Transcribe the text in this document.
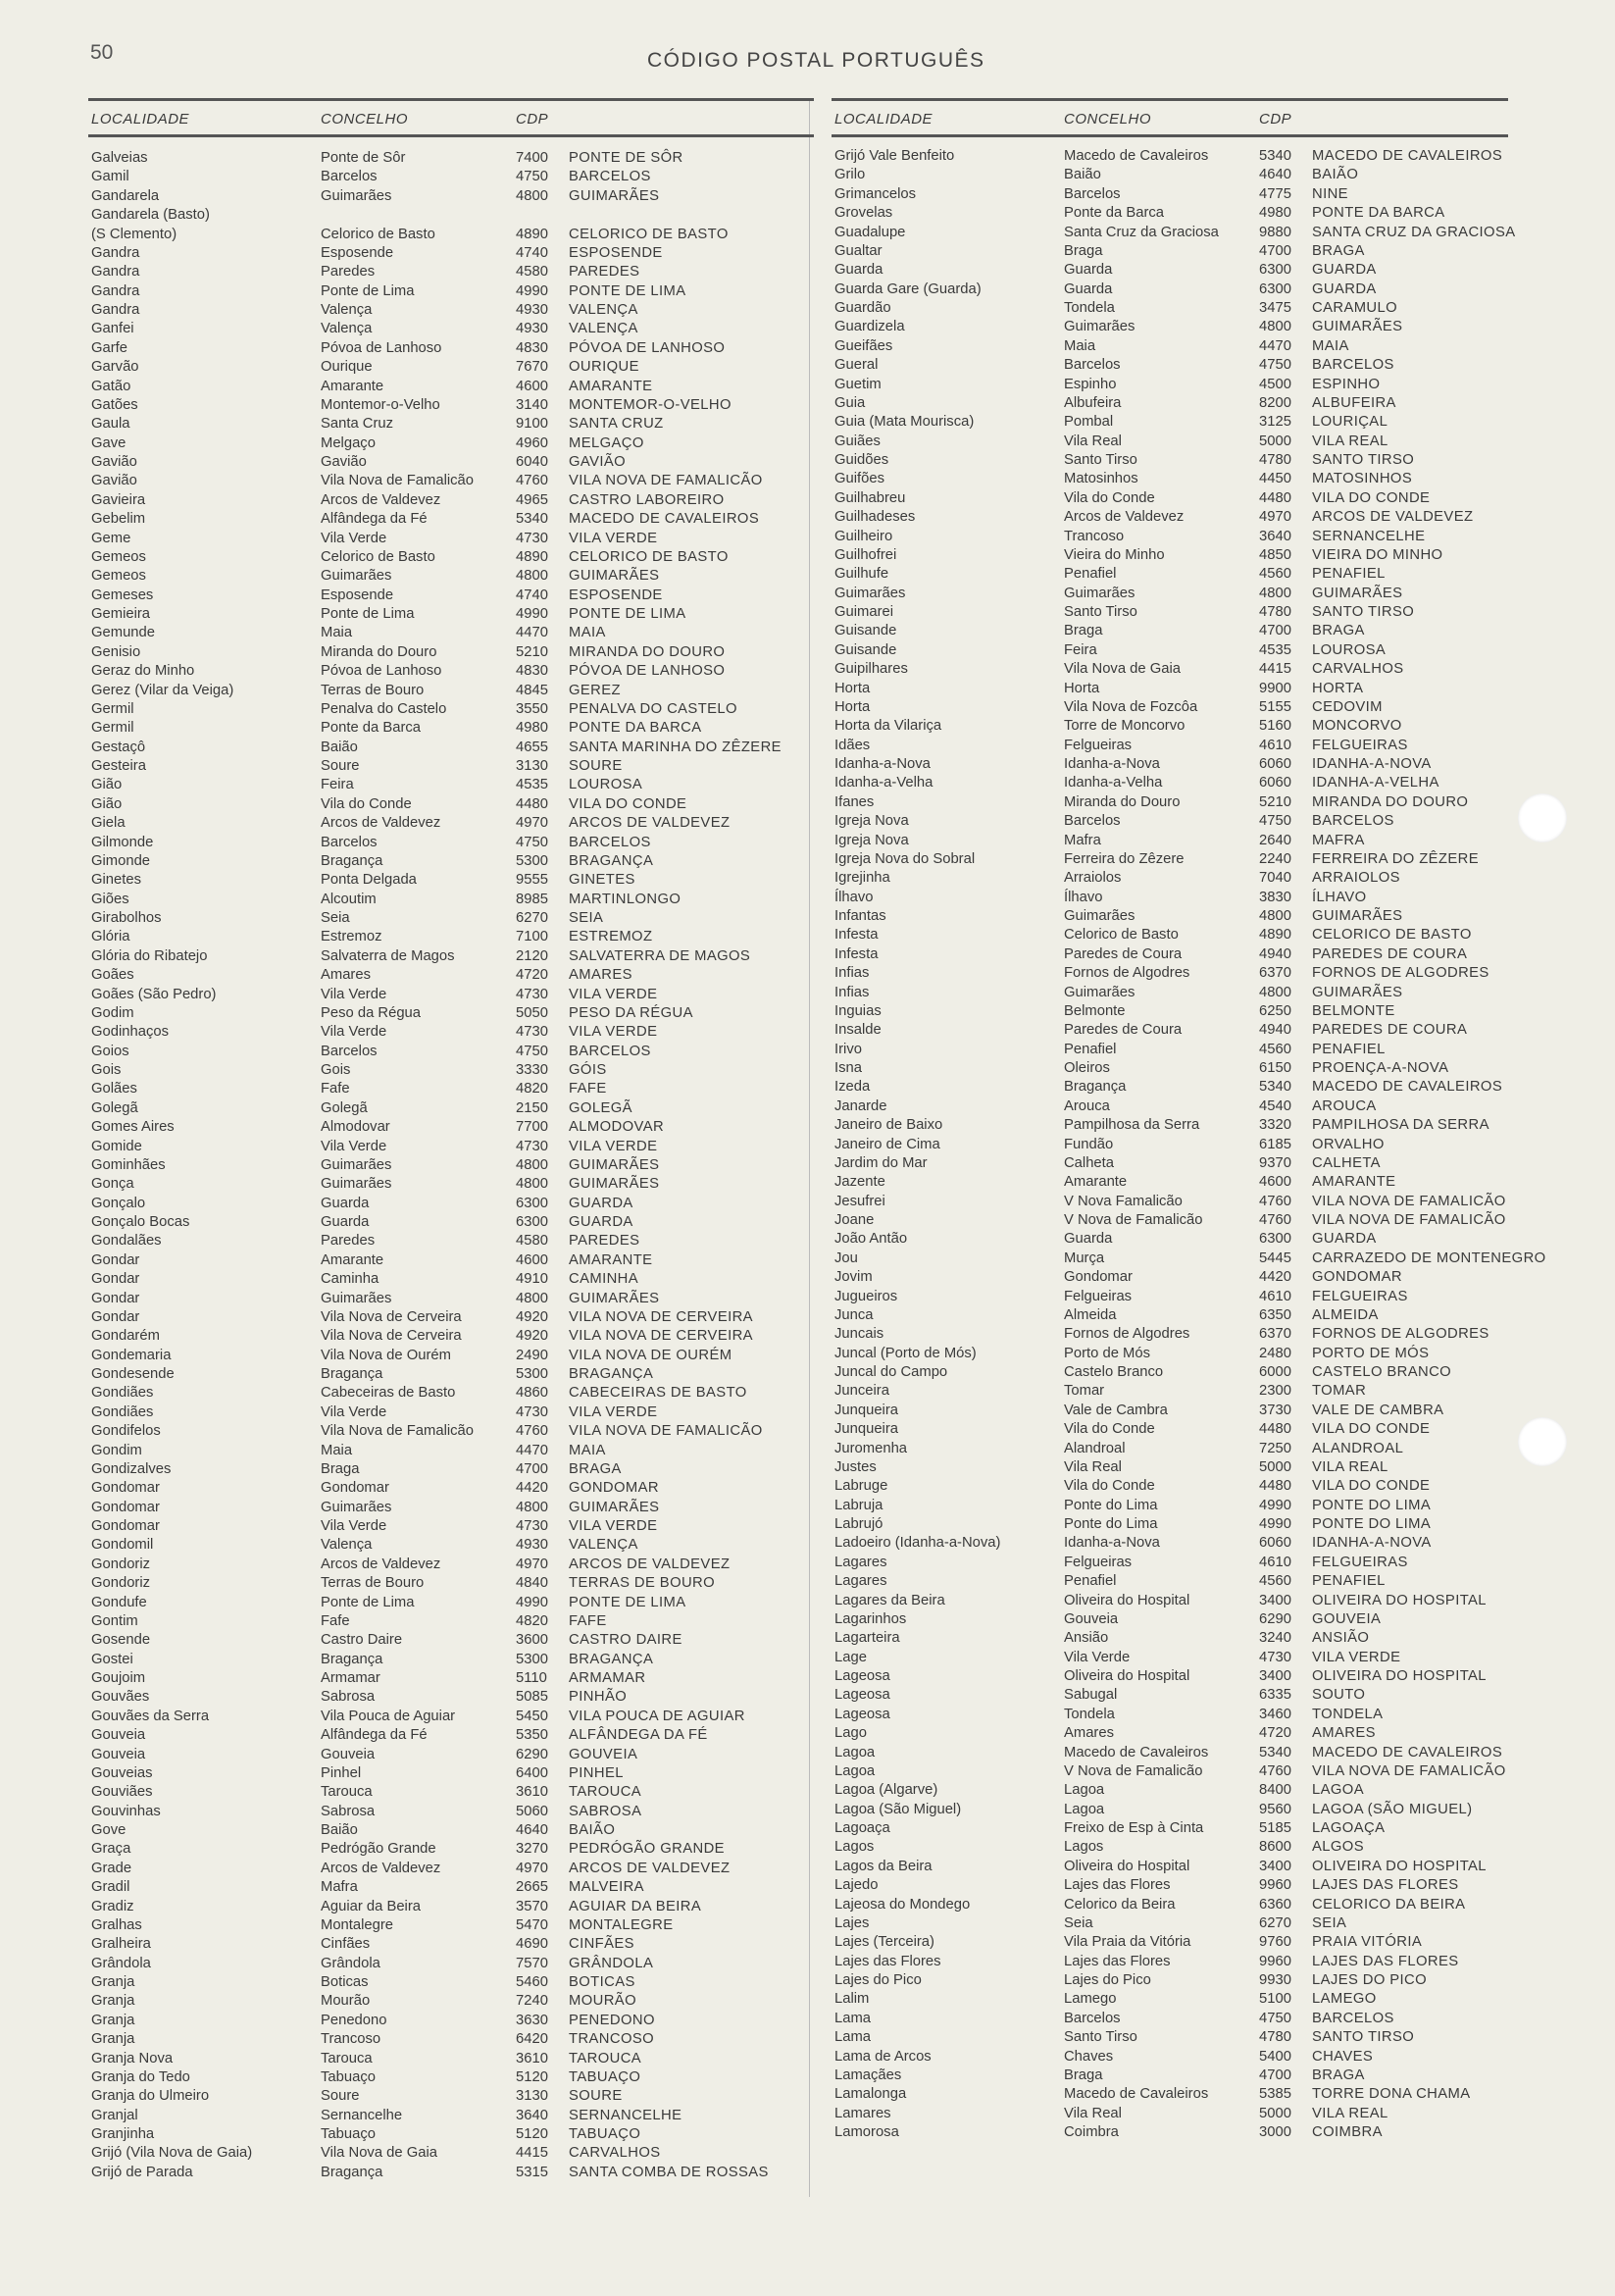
50	CÓDIGO POSTAL PORTUGUÊS
LOCALIDADE	CONCELHO	CDP
Galveias	Ponte de Sôr	7400 PONTE DE SÔR
Gamil	Barcelos	4750 BARCELOS
Gandarela	Guimarães	4800 GUIMARÃES
Gandarela (Basto)
(S Clemento)	Celorico de Basto	4890 CELORICO DE BASTO
Gandra	Esposende	4740 ESPOSENDE
Gandra	Paredes	4580 PAREDES
Gandra	Ponte de Lima	4990 PONTE DE LIMA
Gandra	Valença	4930 VALENÇA
Ganfei	Valença	4930 VALENÇA
Garfe	Póvoa de Lanhoso	4830 PÓVOA DE LANHOSO
Garvão	Ourique	7670 OURIQUE
Gatão	Amarante	4600 AMARANTE
Gatões	Montemor-o-Velho	3140 MONTEMOR-O-VELHO
Gaula	Santa Cruz	9100 SANTA CRUZ
Gave	Melgaço	4960 MELGAÇO
Gavião	Gavião	6040 GAVIÃO
Gavião	Vila Nova de Famalicão	4760 VILA NOVA DE FAMALICÃO
Gavieira	Arcos de Valdevez	4965 CASTRO LABOREIRO
Gebelim	Alfândega da Fé	5340 MACEDO DE CAVALEIROS
Geme	Vila Verde	4730 VILA VERDE
Gemeos	Celorico de Basto	4890 CELORICO DE BASTO
Gemeos	Guimarães	4800 GUIMARÃES
Gemeses	Esposende	4740 ESPOSENDE
Gemieira	Ponte de Lima	4990 PONTE DE LIMA
Gemunde	Maia	4470 MAIA
Genisio	Miranda do Douro	5210 MIRANDA DO DOURO
Geraz do Minho	Póvoa de Lanhoso	4830 PÓVOA DE LANHOSO
Gerez (Vilar da Veiga)	Terras de Bouro	4845 GEREZ
Germil	Penalva do Castelo	3550 PENALVA DO CASTELO
Germil	Ponte da Barca	4980 PONTE DA BARCA
Gestaçô	Baião	4655 SANTA MARINHA DO ZÊZERE
Gesteira	Soure	3130 SOURE
Gião	Feira	4535 LOUROSA
Gião	Vila do Conde	4480 VILA DO CONDE
Giela	Arcos de Valdevez	4970 ARCOS DE VALDEVEZ
Gilmonde	Barcelos	4750 BARCELOS
Gimonde	Bragança	5300 BRAGANÇA
Ginetes	Ponta Delgada	9555 GINETES
Giões	Alcoutim	8985 MARTINLONGO
Girabolhos	Seia	6270 SEIA
Glória	Estremoz	7100 ESTREMOZ
Glória do Ribatejo	Salvaterra de Magos	2120 SALVATERRA DE MAGOS
Goães	Amares	4720 AMARES
Goães (São Pedro)	Vila Verde	4730 VILA VERDE
Godim	Peso da Régua	5050 PESO DA RÉGUA
Godinhaços	Vila Verde	4730 VILA VERDE
Goios	Barcelos	4750 BARCELOS
Gois	Gois	3330 GÓIS
Golães	Fafe	4820 FAFE
Golegã	Golegã	2150 GOLEGÃ
Gomes Aires	Almodovar	7700 ALMODOVAR
Gomide	Vila Verde	4730 VILA VERDE
Gominhães	Guimarães	4800 GUIMARÃES
Gonça	Guimarães	4800 GUIMARÃES
Gonçalo	Guarda	6300 GUARDA
Gonçalo Bocas	Guarda	6300 GUARDA
Gondalães	Paredes	4580 PAREDES
Gondar	Amarante	4600 AMARANTE
Gondar	Caminha	4910 CAMINHA
Gondar	Guimarães	4800 GUIMARÃES
Gondar	Vila Nova de Cerveira	4920 VILA NOVA DE CERVEIRA
Gondarém	Vila Nova de Cerveira	4920 VILA NOVA DE CERVEIRA
Gondemaria	Vila Nova de Ourém	2490 VILA NOVA DE OURÉM
Gondesende	Bragança	5300 BRAGANÇA
Gondiães	Cabeceiras de Basto	4860 CABECEIRAS DE BASTO
Gondiães	Vila Verde	4730 VILA VERDE
Gondifelos	Vila Nova de Famalicão	4760 VILA NOVA DE FAMALICÃO
Gondim	Maia	4470 MAIA
Gondizalves	Braga	4700 BRAGA
Gondomar	Gondomar	4420 GONDOMAR
Gondomar	Guimarães	4800 GUIMARÃES
Gondomar	Vila Verde	4730 VILA VERDE
Gondomil	Valença	4930 VALENÇA
Gondoriz	Arcos de Valdevez	4970 ARCOS DE VALDEVEZ
Gondoriz	Terras de Bouro	4840 TERRAS DE BOURO
Gondufe	Ponte de Lima	4990 PONTE DE LIMA
Gontim	Fafe	4820 FAFE
Gosende	Castro Daire	3600 CASTRO DAIRE
Gostei	Bragança	5300 BRAGANÇA
Goujoim	Armamar	5110 ARMAMAR
Gouvães	Sabrosa	5085 PINHÃO
Gouvães da Serra	Vila Pouca de Aguiar	5450 VILA POUCA DE AGUIAR
Gouveia	Alfândega da Fé	5350 ALFÂNDEGA DA FÉ
Gouveia	Gouveia	6290 GOUVEIA
Gouveias	Pinhel	6400 PINHEL
Gouviães	Tarouca	3610 TAROUCA
Gouvinhas	Sabrosa	5060 SABROSA
Gove	Baião	4640 BAIÃO
Graça	Pedrógão Grande	3270 PEDRÓGÃO GRANDE
Grade	Arcos de Valdevez	4970 ARCOS DE VALDEVEZ
Gradil	Mafra	2665 MALVEIRA
Gradiz	Aguiar da Beira	3570 AGUIAR DA BEIRA
Gralhas	Montalegre	5470 MONTALEGRE
Gralheira	Cinfães	4690 CINFÃES
Grândola	Grândola	7570 GRÂNDOLA
Granja	Boticas	5460 BOTICAS
Granja	Mourão	7240 MOURÃO
Granja	Penedono	3630 PENEDONO
Granja	Trancoso	6420 TRANCOSO
Granja Nova	Tarouca	3610 TAROUCA
Granja do Tedo	Tabuaço	5120 TABUAÇO
Granja do Ulmeiro	Soure	3130 SOURE
Granjal	Sernancelhe	3640 SERNANCELHE
Granjinha	Tabuaço	5120 TABUAÇO
Grijó (Vila Nova de Gaia)	Vila Nova de Gaia	4415 CARVALHOS
Grijó de Parada	Bragança	5315 SANTA COMBA DE ROSSAS
LOCALIDADE	CONCELHO	CDP
Grijó Vale Benfeito	Macedo de Cavaleiros	5340 MACEDO DE CAVALEIROS
Grilo	Baião	4640 BAIÃO
Grimancelos	Barcelos	4775 NINE
Grovelas	Ponte da Barca	4980 PONTE DA BARCA
Guadalupe	Santa Cruz da Graciosa	9880 SANTA CRUZ DA GRACIOSA
Gualtar	Braga	4700 BRAGA
Guarda	Guarda	6300 GUARDA
Guarda Gare (Guarda)	Guarda	6300 GUARDA
Guardão	Tondela	3475 CARAMULO
Guardizela	Guimarães	4800 GUIMARÃES
Gueifães	Maia	4470 MAIA
Gueral	Barcelos	4750 BARCELOS
Guetim	Espinho	4500 ESPINHO
Guia	Albufeira	8200 ALBUFEIRA
Guia (Mata Mourisca)	Pombal	3125 LOURIÇAL
Guiães	Vila Real	5000 VILA REAL
Guidões	Santo Tirso	4780 SANTO TIRSO
Guifões	Matosinhos	4450 MATOSINHOS
Guilhabreu	Vila do Conde	4480 VILA DO CONDE
Guilhadeses	Arcos de Valdevez	4970 ARCOS DE VALDEVEZ
Guilheiro	Trancoso	3640 SERNANCELHE
Guilhofrei	Vieira do Minho	4850 VIEIRA DO MINHO
Guilhufe	Penafiel	4560 PENAFIEL
Guimarães	Guimarães	4800 GUIMARÃES
Guimarei	Santo Tirso	4780 SANTO TIRSO
Guisande	Braga	4700 BRAGA
Guisande	Feira	4535 LOUROSA
Guipilhares	Vila Nova de Gaia	4415 CARVALHOS
Horta	Horta	9900 HORTA
Horta	Vila Nova de Fozcôa	5155 CEDOVIM
Horta da Vilariça	Torre de Moncorvo	5160 MONCORVO
Idães	Felgueiras	4610 FELGUEIRAS
Idanha-a-Nova	Idanha-a-Nova	6060 IDANHA-A-NOVA
Idanha-a-Velha	Idanha-a-Velha	6060 IDANHA-A-VELHA
Ifanes	Miranda do Douro	5210 MIRANDA DO DOURO
Igreja Nova	Barcelos	4750 BARCELOS
Igreja Nova	Mafra	2640 MAFRA
Igreja Nova do Sobral	Ferreira do Zêzere	2240 FERREIRA DO ZÊZERE
Igrejinha	Arraiolos	7040 ARRAIOLOS
Ílhavo	Ílhavo	3830 ÍLHAVO
Infantas	Guimarães	4800 GUIMARÃES
Infesta	Celorico de Basto	4890 CELORICO DE BASTO
Infesta	Paredes de Coura	4940 PAREDES DE COURA
Infias	Fornos de Algodres	6370 FORNOS DE ALGODRES
Infias	Guimarães	4800 GUIMARÃES
Inguias	Belmonte	6250 BELMONTE
Insalde	Paredes de Coura	4940 PAREDES DE COURA
Irivo	Penafiel	4560 PENAFIEL
Isna	Oleiros	6150 PROENÇA-A-NOVA
Izeda	Bragança	5340 MACEDO DE CAVALEIROS
Janarde	Arouca	4540 AROUCA
Janeiro de Baixo	Pampilhosa da Serra	3320 PAMPILHOSA DA SERRA
Janeiro de Cima	Fundão	6185 ORVALHO
Jardim do Mar	Calheta	9370 CALHETA
Jazente	Amarante	4600 AMARANTE
Jesufrei	V Nova Famalicão	4760 VILA NOVA DE FAMALICÃO
Joane	V Nova de Famalicão	4760 VILA NOVA DE FAMALICÃO
João Antão	Guarda	6300 GUARDA
Jou	Murça	5445 CARRAZEDO DE MONTENEGRO
Jovim	Gondomar	4420 GONDOMAR
Jugueiros	Felgueiras	4610 FELGUEIRAS
Junca	Almeida	6350 ALMEIDA
Juncais	Fornos de Algodres	6370 FORNOS DE ALGODRES
Juncal (Porto de Mós)	Porto de Mós	2480 PORTO DE MÓS
Juncal do Campo	Castelo Branco	6000 CASTELO BRANCO
Junceira	Tomar	2300 TOMAR
Junqueira	Vale de Cambra	3730 VALE DE CAMBRA
Junqueira	Vila do Conde	4480 VILA DO CONDE
Juromenha	Alandroal	7250 ALANDROAL
Justes	Vila Real	5000 VILA REAL
Labruge	Vila do Conde	4480 VILA DO CONDE
Labruja	Ponte do Lima	4990 PONTE DO LIMA
Labrujó	Ponte do Lima	4990 PONTE DO LIMA
Ladoeiro (Idanha-a-Nova)	Idanha-a-Nova	6060 IDANHA-A-NOVA
Lagares	Felgueiras	4610 FELGUEIRAS
Lagares	Penafiel	4560 PENAFIEL
Lagares da Beira	Oliveira do Hospital	3400 OLIVEIRA DO HOSPITAL
Lagarinhos	Gouveia	6290 GOUVEIA
Lagarteira	Ansião	3240 ANSIÃO
Lage	Vila Verde	4730 VILA VERDE
Lageosa	Oliveira do Hospital	3400 OLIVEIRA DO HOSPITAL
Lageosa	Sabugal	6335 SOUTO
Lageosa	Tondela	3460 TONDELA
Lago	Amares	4720 AMARES
Lagoa	Macedo de Cavaleiros	5340 MACEDO DE CAVALEIROS
Lagoa	V Nova de Famalicão	4760 VILA NOVA DE FAMALICÃO
Lagoa (Algarve)	Lagoa	8400 LAGOA
Lagoa (São Miguel)	Lagoa	9560 LAGOA (SÃO MIGUEL)
Lagoaça	Freixo de Esp à Cinta	5185 LAGOAÇA
Lagos	Lagos	8600 ALGOS
Lagos da Beira	Oliveira do Hospital	3400 OLIVEIRA DO HOSPITAL
Lajedo	Lajes das Flores	9960 LAJES DAS FLORES
Lajeosa do Mondego	Celorico da Beira	6360 CELORICO DA BEIRA
Lajes	Seia	6270 SEIA
Lajes (Terceira)	Vila Praia da Vitória	9760 PRAIA VITÓRIA
Lajes das Flores	Lajes das Flores	9960 LAJES DAS FLORES
Lajes do Pico	Lajes do Pico	9930 LAJES DO PICO
Lalim	Lamego	5100 LAMEGO
Lama	Barcelos	4750 BARCELOS
Lama	Santo Tirso	4780 SANTO TIRSO
Lama de Arcos	Chaves	5400 CHAVES
Lamaçães	Braga	4700 BRAGA
Lamalonga	Macedo de Cavaleiros	5385 TORRE DONA CHAMA
Lamares	Vila Real	5000 VILA REAL
Lamorosa	Coimbra	3000 COIMBRA
